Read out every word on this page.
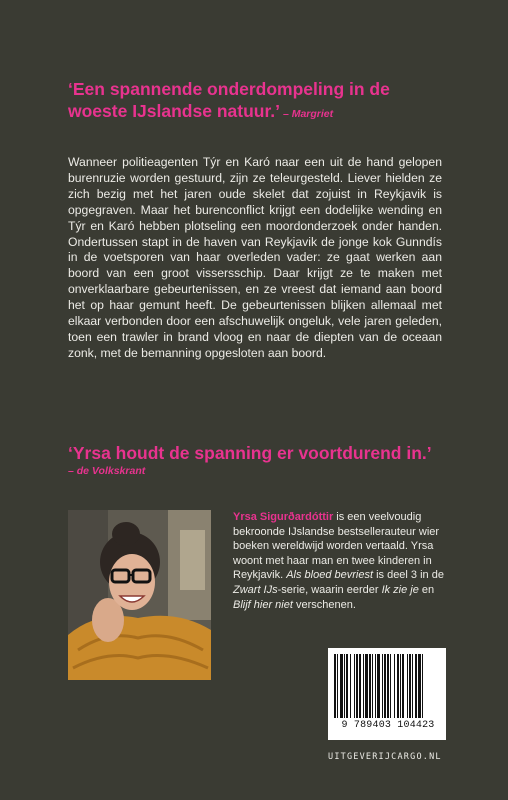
‘Een spannende onderdompeling in de woeste IJslandse natuur.’ – Margriet
Wanneer politieagenten Týr en Karó naar een uit de hand gelopen burenruzie worden gestuurd, zijn ze teleurgesteld. Liever hielden ze zich bezig met het jaren oude skelet dat zojuist in Reykjavik is opgegraven. Maar het burenconflict krijgt een dodelijke wending en Týr en Karó hebben plotseling een moordonderzoek onder handen. Ondertussen stapt in de haven van Reykjavik de jonge kok Gunndís in de voetsporen van haar overleden vader: ze gaat werken aan boord van een groot vissersschip. Daar krijgt ze te maken met onverklaarbare gebeurtenissen, en ze vreest dat iemand aan boord het op haar gemunt heeft. De gebeurtenissen blijken allemaal met elkaar verbonden door een afschuwelijk ongeluk, vele jaren geleden, toen een trawler in brand vloog en naar de diepten van de oceaan zonk, met de bemanning opgesloten aan boord.
‘Yrsa houdt de spanning er voortdurend in.’
– de Volkskrant
Yrsa Sigurðardóttir is een veelvoudig bekroonde IJslandse bestsellerauteur wier boeken wereldwijd worden vertaald. Yrsa woont met haar man en twee kinderen in Reykjavik. Als bloed bevriest is deel 3 in de Zwart IJs-serie, waarin eerder Ik zie je en Blijf hier niet verschenen.
9 789403 104423
UITGEVERIJCARGO.NL
